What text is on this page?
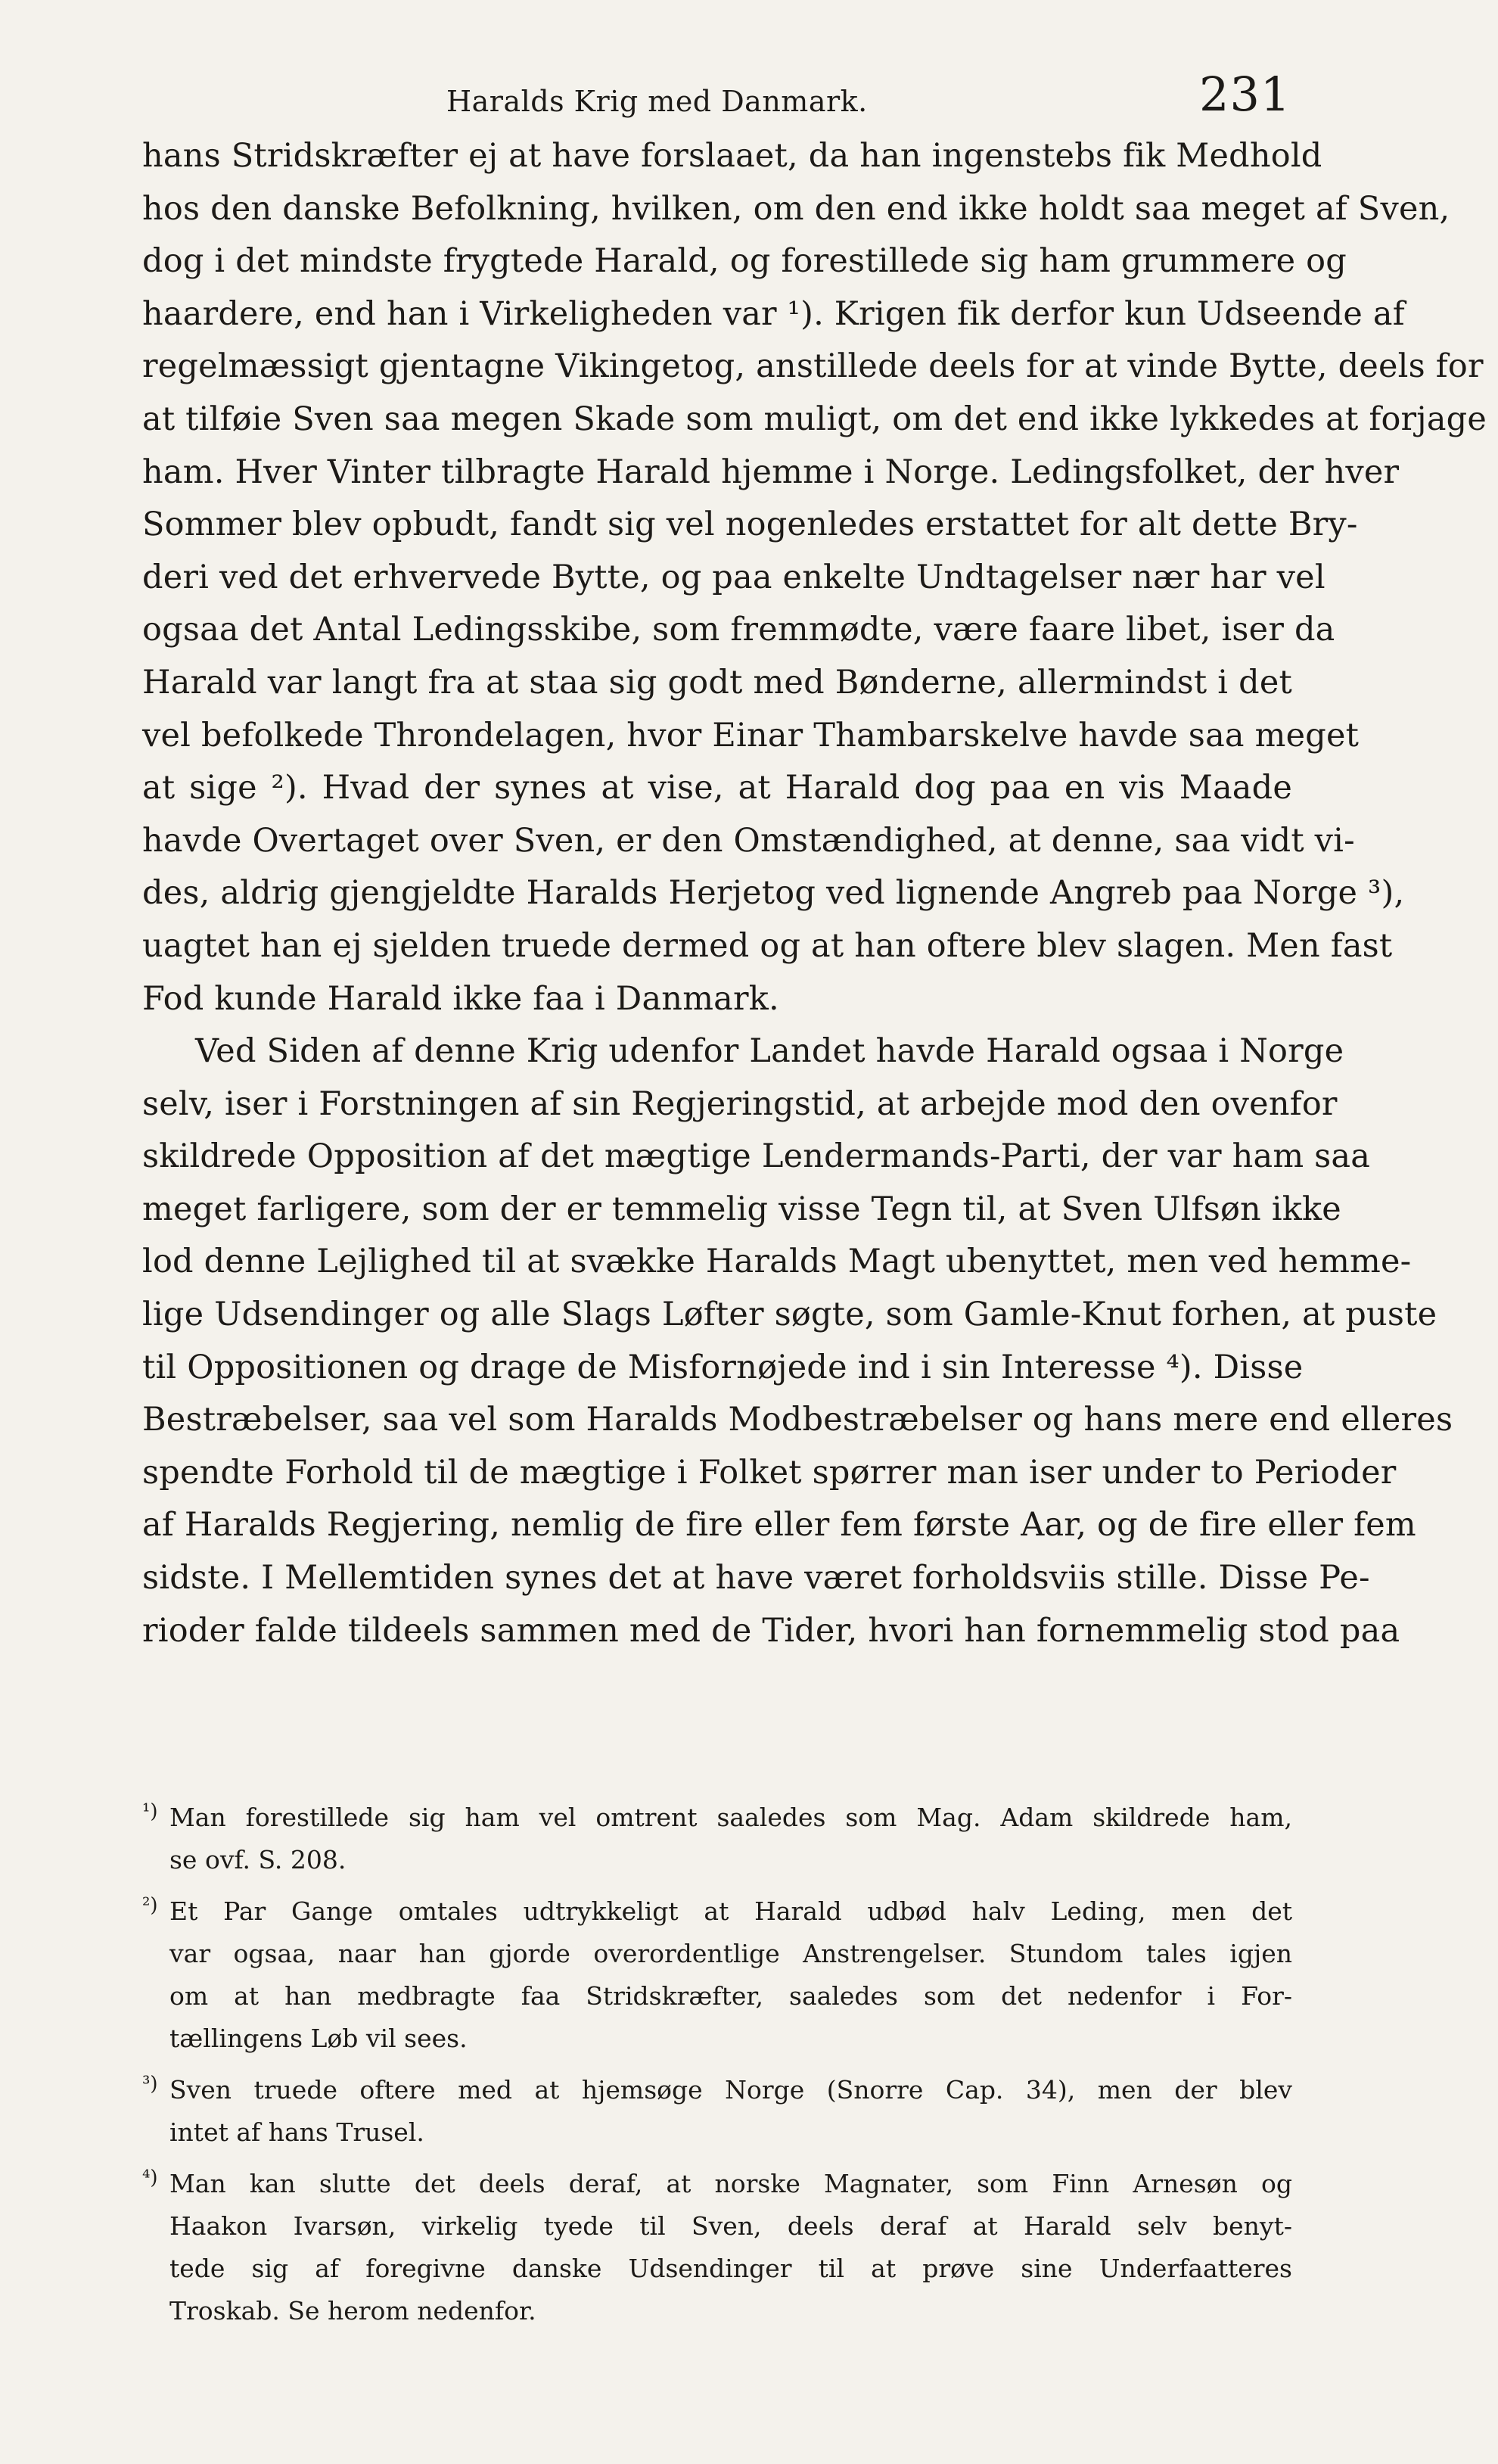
Haralds Krig med Danmark.	231
hans Stridskræfter ej at have forslaaet, da han ingenstebs fik Medhold
hos den danske Befolkning, hvilken, om den end ikke holdt saa meget af Sven,
dog i det mindste frygtede Harald, og forestillede sig ham grummere og
haardere, end han i Virkeligheden var ¹). Krigen fik derfor kun Udseende af
regelmæssigt gjentagne Vikingetog, anstillede deels for at vinde Bytte, deels for
at tilføie Sven saa megen Skade som muligt, om det end ikke lykkedes at forjage
ham. Hver Vinter tilbragte Harald hjemme i Norge. Ledingsfolket, der hver
Sommer blev opbudt, fandt sig vel nogenledes erstattet for alt dette Bry-
deri ved det erhvervede Bytte, og paa enkelte Undtagelser nær har vel
ogsaa det Antal Ledingsskibe, som fremmødte, være faare libet, iser da
Harald var langt fra at staa sig godt med Bønderne, allermindst i det
vel befolkede Throndelagen, hvor Einar Thambarskelve havde saa meget
at sige ²). Hvad der synes at vise, at Harald dog paa en vis Maade
havde Overtaget over Sven, er den Omstændighed, at denne, saa vidt vi-
des, aldrig gjengjeldte Haralds Herjetog ved lignende Angreb paa Norge ³),
uagtet han ej sjelden truede dermed og at han oftere blev slagen. Men fast
Fod kunde Harald ikke faa i Danmark.
Ved Siden af denne Krig udenfor Landet havde Harald ogsaa i Norge
selv, iser i Forstningen af sin Regjeringstid, at arbejde mod den ovenfor
skildrede Opposition af det mægtige Lendermands-Parti, der var ham saa
meget farligere, som der er temmelig visse Tegn til, at Sven Ulfsøn ikke
lod denne Lejlighed til at svække Haralds Magt ubenyttet, men ved hemme-
lige Udsendinger og alle Slags Løfter søgte, som Gamle-Knut forhen, at puste
til Oppositionen og drage de Misfornøjede ind i sin Interesse ⁴). Disse
Bestræbelser, saa vel som Haralds Modbestræbelser og hans mere end elleres
spendte Forhold til de mægtige i Folket spørrer man iser under to Perioder
af Haralds Regjering, nemlig de fire eller fem første Aar, og de fire eller fem
sidste. I Mellemtiden synes det at have været forholdsviis stille. Disse Pe-
rioder falde tildeels sammen med de Tider, hvori han fornemmelig stod paa
¹) Man forestillede sig ham vel omtrent saaledes som Mag. Adam skildrede ham,
se ovf. S. 208.
²) Et Par Gange omtales udtrykkeligt at Harald udbød halv Leding, men det
var ogsaa, naar han gjorde overordentlige Anstrengelser. Stundom tales igjen
om at han medbragte faa Stridskræfter, saaledes som det nedenfor i For-
tællingens Løb vil sees.
³) Sven truede oftere med at hjemsøge Norge (Snorre Cap. 34), men der blev
intet af hans Trusel.
⁴) Man kan slutte det deels deraf, at norske Magnater, som Finn Arnesøn og
Haakon Ivarsøn, virkelig tyede til Sven, deels deraf at Harald selv benyt-
tede sig af foregivne danske Udsendinger til at prøve sine Underfaatteres
Troskab. Se herom nedenfor.
